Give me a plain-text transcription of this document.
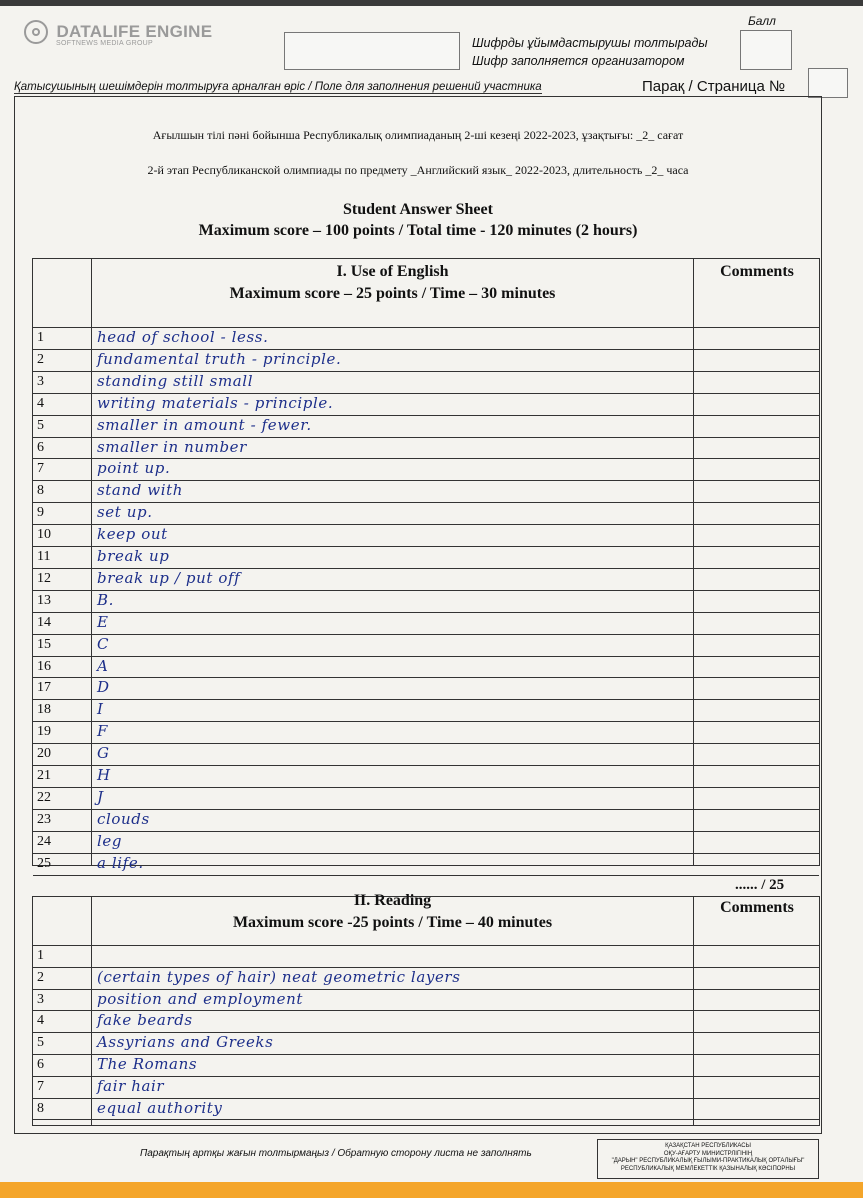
DATALIFE ENGINE
SOFTNEWS MEDIA GROUP	Шифрды ұйымдастырушы толтырады
Шифр заполняется организатором
Балл
Қатысушының шешімдерін толтыруға арналған өріс / Поле для заполнения решений участника	Парақ / Страница №
Ағылшын тілі пәні бойынша Республикалық олимпиаданың 2-ші кезеңі 2022-2023, ұзақтығы: _2_ сағат
2-й этап Республиканской олимпиады по предмету _Английский язык_ 2022-2023, длительность _2_ часа
Student Answer Sheet
Maximum score – 100 points / Total time - 120 minutes (2 hours)
I. Use of English
Maximum score – 25 points / Time – 30 minutes
Comments
1	head of school - less.
2	fundamental truth - principle.
3	standing still small
4	writing materials - principle.
5	smaller in amount - fewer.
6	smaller in number
7	point up.
8	stand with
9	set up.
10	keep out
11	break up
12	break up / put off
13	B.
14	E
15	C
16	A
17	D
18	I
19	F
20	G
21	H
22	J
23	clouds
24	leg
25	a life.
...... / 25
II. Reading
Maximum score -25 points / Time – 40 minutes
Comments
1
2	(certain types of hair) neat geometric layers
3	position and employment
4	fake beards
5	Assyrians and Greeks
6	The Romans
7	fair hair
8	equal authority
Парақтың артқы жағын толтырмаңыз / Обратную сторону листа не заполнять
ҚАЗАҚСТАН РЕСПУБЛИКАСЫ
ОҚУ-АҒАРТУ МИНИСТРЛІГІНІҢ
"ДАРЫН" РЕСПУБЛИКАЛЫҚ ҒЫЛЫМИ-ПРАКТИКАЛЫҚ ОРТАЛЫҒЫ"
РЕСПУБЛИКАЛЫҚ МЕМЛЕКЕТТІК ҚАЗЫНАЛЫҚ КӘСІПОРНЫ
